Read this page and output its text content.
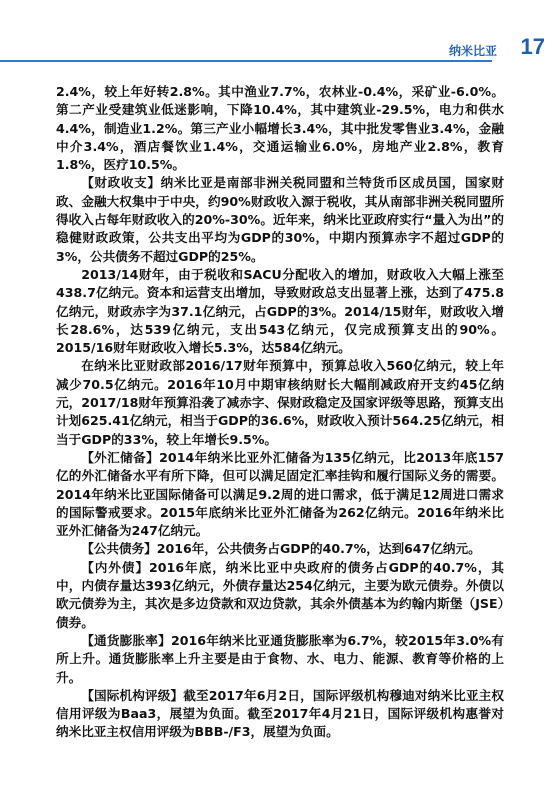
纳米比亚 17

2.4%，较上年好转2.8%。其中渔业7.7%，农林业-0.4%，采矿业-6.0%。第二产业受建筑业低迷影响，下降10.4%，其中建筑业-29.5%，电力和供水4.4%，制造业1.2%。第三产业小幅增长3.4%，其中批发零售业3.4%，金融中介3.4%，酒店餐饮业1.4%，交通运输业6.0%，房地产业2.8%，教育1.8%，医疗10.5%。

【财政收支】纳米比亚是南部非洲关税同盟和兰特货币区成员国，国家财政、金融大权集中于中央，约90%财政收入源于税收，其从南部非洲关税同盟所得收入占每年财政收入的20%-30%。近年来，纳米比亚政府实行“量入为出”的稳健财政政策，公共支出平均为GDP的30%，中期内预算赤字不超过GDP的3%，公共债务不超过GDP的25%。

2013/14财年，由于税收和SACU分配收入的增加，财政收入大幅上涨至438.7亿纳元。资本和运营支出增加，导致财政总支出显著上涨，达到了475.8亿纳元，财政赤字为37.1亿纳元，占GDP的3%。2014/15财年，财政收入增长28.6%，达539亿纳元，支出543亿纳元，仅完成预算支出的90%。2015/16财年财政收入增长5.3%，达584亿纳元。

在纳米比亚财政部2016/17财年预算中，预算总收入560亿纳元，较上年减少70.5亿纳元。2016年10月中期审核纳财长大幅削减政府开支约45亿纳元，2017/18财年预算沿袭了减赤字、保财政稳定及国家评级等思路，预算支出计划625.41亿纳元，相当于GDP的36.6%，财政收入预计564.25亿纳元，相当于GDP的33%，较上年增长9.5%。

【外汇储备】2014年纳米比亚外汇储备为135亿纳元，比2013年底157亿的外汇储备水平有所下降，但可以满足固定汇率挂钩和履行国际义务的需要。2014年纳米比亚国际储备可以满足9.2周的进口需求，低于满足12周进口需求的国际警戒要求。2015年底纳米比亚外汇储备为262亿纳元。2016年纳米比亚外汇储备为247亿纳元。

【公共债务】2016年，公共债务占GDP的40.7%，达到647亿纳元。

【内外债】2016年底，纳米比亚中央政府的债务占GDP的40.7%，其中，内债存量达393亿纳元，外债存量达254亿纳元，主要为欧元债券。外债以欧元债券为主，其次是多边贷款和双边贷款，其余外债基本为约翰内斯堡（JSE）债券。

【通货膨胀率】2016年纳米比亚通货膨胀率为6.7%，较2015年3.0%有所上升。通货膨胀率上升主要是由于食物、水、电力、能源、教育等价格的上升。

【国际机构评级】截至2017年6月2日，国际评级机构穆迪对纳米比亚主权信用评级为Baa3，展望为负面。截至2017年4月21日，国际评级机构惠誉对纳米比亚主权信用评级为BBB-/F3，展望为负面。
